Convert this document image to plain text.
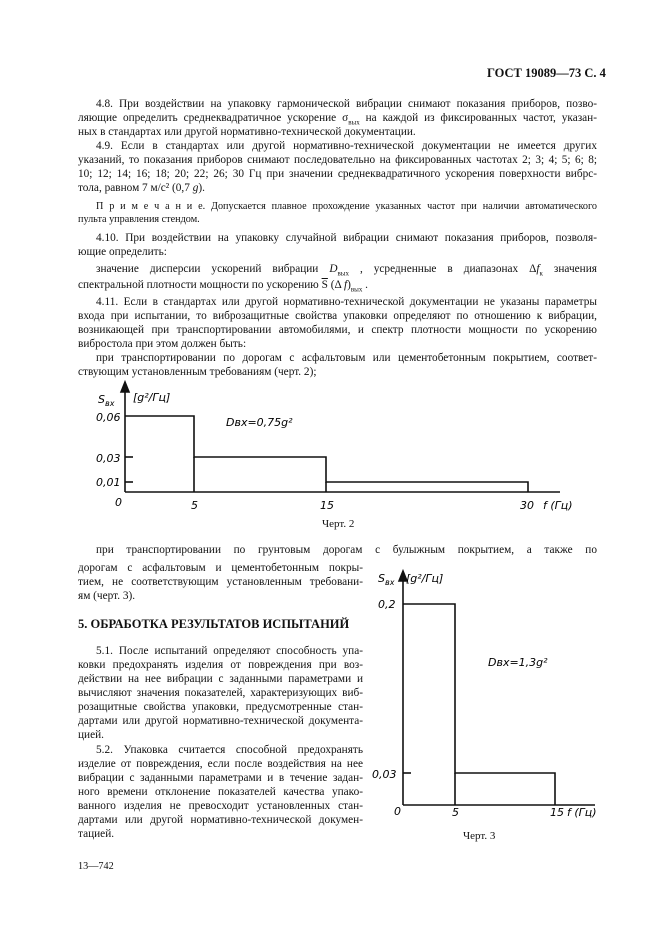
ГОСТ 19089—73 С. 4
4.8. При воздействии на упаковку гармонической вибрации снимают показания приборов, позво-
ляющие определить среднеквадратичное ускорение $\sigma_{вых}$ на каждой из фиксированных частот, указан-
ных в стандартах или другой нормативно-технической документации.
4.9. Если в стандартах или другой нормативно-технической документации не имеется других
указаний, то показания приборов снимают последовательно на фиксированных частотах 2; 3; 4; 5; 6; 8;
10; 12; 14; 16; 18; 20; 22; 26; 30 Гц при значении среднеквадратичного ускорения поверхности вибрс-
тола, равном 7 м/с² (0,7 g).
П р и м е ч а н и е. Допускается плавное прохождение указанных частот при наличии автоматического
пульта управления стендом.
4.10. При воздействии на упаковку случайной вибрации снимают показания приборов, позволя-
ющие определить:
значение дисперсии ускорений вибрации $D_{вых}$ , усредненные в диапазонах $\Delta f_к$ значения
спектральной плотности мощности по ускорению $\overline{S}$ (Δ $f)_{вых}$ .
4.11. Если в стандартах или другой нормативно-технической документации не указаны параметры
входа при испытании, то виброзащитные свойства упаковки определяют по отношению к вибрации,
возникающей при транспортировании автомобилями, и спектр плотности мощности по ускорению
вибростола при этом должен быть:
при транспортировании по дорогам с асфальтовым или цементобетонным покрытием, соответ-
ствующим установленным требованиям (черт. 2);
$S_{вх}$ [g²/Гц]
Dвх=0,75g²
0,06
0,03
0,01
0	5	15	30 f (Гц)
Черт. 2
при транспортировании по грунтовым дорогам с булыжным покрытием, а также по
дорогам с асфальтовым и цементобетонным покры-
тием, не соответствующим установленным требовани-
ям (черт. 3).
5. ОБРАБОТКА РЕЗУЛЬТАТОВ ИСПЫТАНИЙ
5.1. После испытаний определяют способность упа-
ковки предохранять изделия от повреждения при воз-
действии на нее вибрации с заданными параметрами и
вычисляют значения показателей, характеризующих виб-
розащитные свойства упаковки, предусмотренные стан-
дартами или другой нормативно-технической документа-
цией.
5.2. Упаковка считается способной предохранять
изделие от повреждения, если после воздействия на нее
вибрации с заданными параметрами и в течение задан-
ного времени отклонение показателей качества упако-
ванного изделия не превосходит установленных стан-
дартами или другой нормативно-технической докумен-
тацией.
$S_{вх}$ [g²/Гц]
Dвх=1,3g²
0,2
0,03
0	5	15 f (Гц)
Черт. 3
13—742
